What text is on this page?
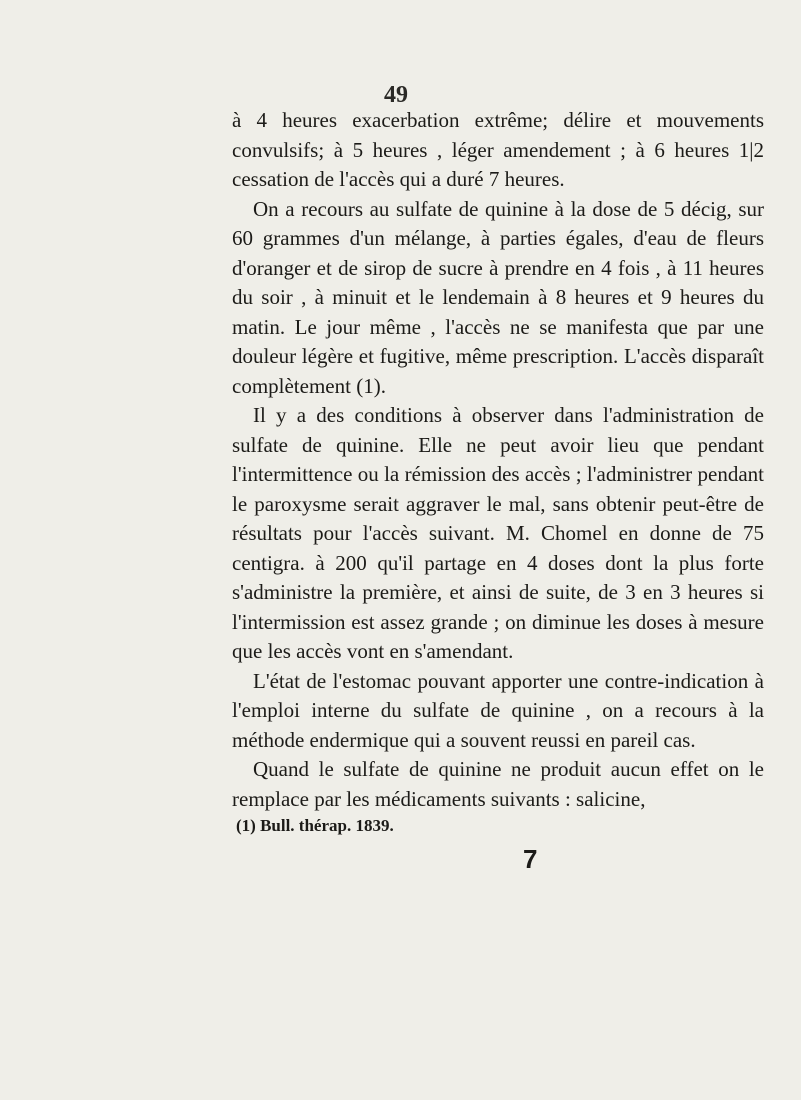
49

à 4 heures exacerbation extrême; délire et mouvements convulsifs; à 5 heures , léger amendement ; à 6 heures 1|2 cessation de l'accès qui a duré 7 heures.

On a recours au sulfate de quinine à la dose de 5 décig, sur 60 grammes d'un mélange, à parties égales, d'eau de fleurs d'oranger et de sirop de sucre à prendre en 4 fois , à 11 heures du soir , à minuit et le lendemain à 8 heures et 9 heures du matin. Le jour même , l'accès ne se manifesta que par une douleur légère et fugitive, même prescription. L'accès disparaît complètement (1).

Il y a des conditions à observer dans l'administration de sulfate de quinine. Elle ne peut avoir lieu que pendant l'intermittence ou la rémission des accès ; l'administrer pendant le paroxysme serait aggraver le mal, sans obtenir peut-être de résultats pour l'accès suivant. M. Chomel en donne de 75 centigra. à 200 qu'il partage en 4 doses dont la plus forte s'administre la première, et ainsi de suite, de 3 en 3 heures si l'intermission est assez grande ; on diminue les doses à mesure que les accès vont en s'amendant.

L'état de l'estomac pouvant apporter une contre-indication à l'emploi interne du sulfate de quinine , on a recours à la méthode endermique qui a souvent reussi en pareil cas.

Quand le sulfate de quinine ne produit aucun effet on le remplace par les médicaments suivants : salicine,

(1) Bull. thérap. 1839.
7
